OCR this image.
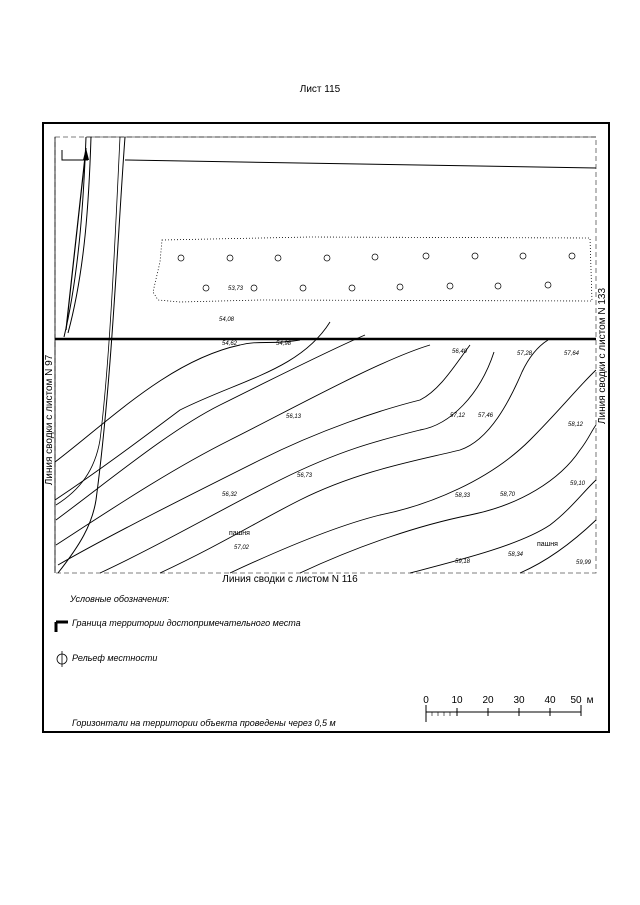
Лист 115
53,73
54,08
54,62	54,98
56,13
56,73
56,32
57,02
56,40	57,28	57,64
57,12 57,46
58,12
58,33	58,70
59,10
59,18
58,34
59,99
пашня
пашня
Линия сводки с листом N 97	Линия сводки с листом N 133
Линия сводки с листом N 116
Условные обозначения:
Граница территории достопримечательного места
Рельеф местности
Горизонтали на территории объекта проведены через 0,5 м
0 10 20 30 40 50 м
